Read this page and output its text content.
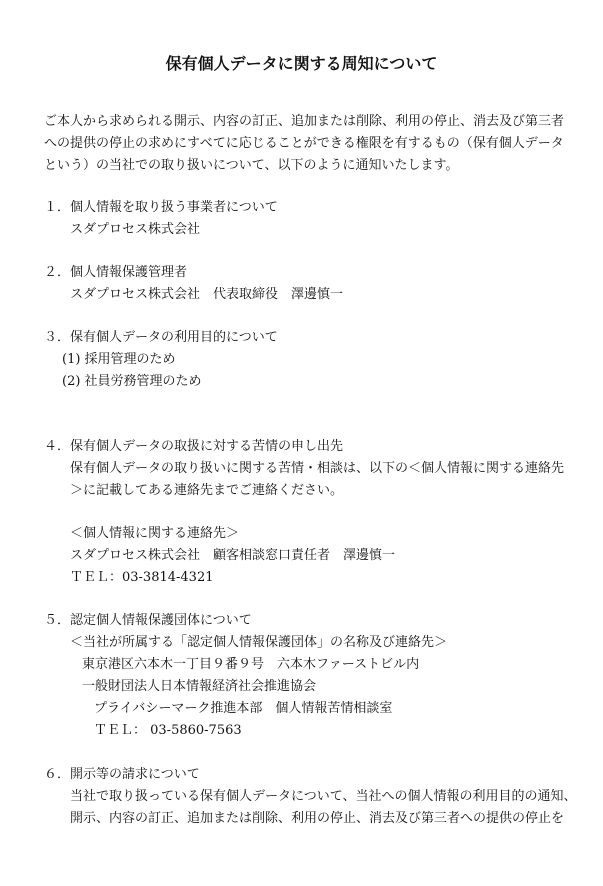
保有個人データに関する周知について
ご本人から求められる開示、内容の訂正、追加または削除、利用の停止、消去及び第三者
への提供の停止の求めにすべてに応じることができる権限を有するもの（保有個人データ
という）の当社での取り扱いについて、以下のように通知いたします。
１．個人情報を取り扱う事業者について
スダプロセス株式会社
２．個人情報保護管理者
スダプロセス株式会社　代表取締役　澤邊慎一
３．保有個人データの利用目的について
(1) 採用管理のため
(2) 社員労務管理のため
４．保有個人データの取扱に対する苦情の申し出先
保有個人データの取り扱いに関する苦情・相談は、以下の＜個人情報に関する連絡先
＞に記載してある連絡先までご連絡ください。
＜個人情報に関する連絡先＞
スダプロセス株式会社　顧客相談窓口責任者　澤邊慎一
ＴＥＬ：03-3814-4321
５．認定個人情報保護団体について
＜当社が所属する「認定個人情報保護団体」の名称及び連絡先＞
東京港区六本木一丁目９番９号　六本木ファーストビル内
一般財団法人日本情報経済社会推進協会
プライバシーマーク推進本部　個人情報苦情相談室
ＴＥＬ： 03-5860-7563
６．開示等の請求について
当社で取り扱っている保有個人データについて、当社への個人情報の利用目的の通知、
開示、内容の訂正、追加または削除、利用の停止、消去及び第三者への提供の停止を
